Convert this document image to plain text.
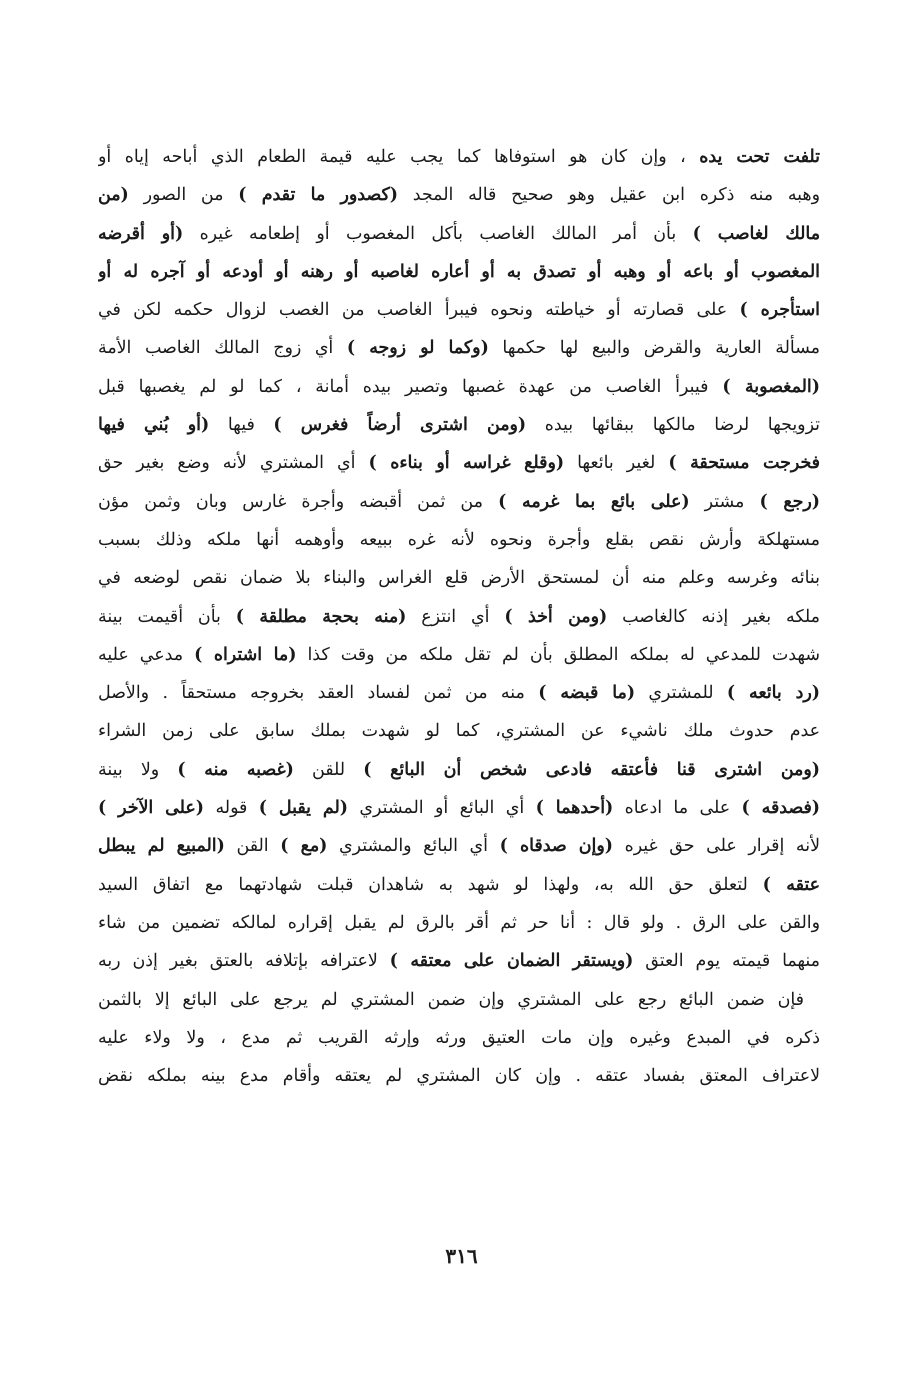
تلفت تحت يده ، وإن كان هو استوفاها كما يجب عليه قيمة الطعام الذي أباحه إياه أو
وهبه منه ذكره ابن عقيل وهو صحيح قاله المجد (كصدور ما تقدم ) من الصور (من
مالك لغاصب ) بأن أمر المالك الغاصب بأكل المغصوب أو إطعامه غيره (أو أقرضه
المغصوب أو باعه أو وهبه أو تصدق به أو أعاره لغاصبه أو رهنه أو أودعه أو آجره له أو
استأجره ) على قصارته أو خياطته ونحوه فيبرأ الغاصب من الغصب لزوال حكمه لكن في
مسألة العارية والقرض والبيع لها حكمها (وكما لو زوجه ) أي زوج المالك الغاصب الأمة
(المغصوبة ) فيبرأ الغاصب من عهدة غصبها وتصير بيده أمانة ، كما لو لم يغصبها قبل
تزويجها لرضا مالكها ببقائها بيده (ومن اشترى أرضاً فغرس ) فيها (أو بُني فيها
فخرجت مستحقة ) لغير بائعها (وقلع غراسه أو بناءه ) أي المشتري لأنه وضع بغير حق
(رجع ) مشتر (على بائع بما غرمه ) من ثمن أقبضه وأجرة غارس وبان وثمن مؤن
مستهلكة وأرش نقص بقلع وأجرة ونحوه لأنه غره ببيعه وأوهمه أنها ملكه وذلك بسبب
بنائه وغرسه وعلم منه أن لمستحق الأرض قلع الغراس والبناء بلا ضمان نقص لوضعه في
ملكه بغير إذنه كالغاصب (ومن أخذ ) أي انتزع (منه بحجة مطلقة ) بأن أقيمت بينة
شهدت للمدعي له بملكه المطلق بأن لم تقل ملكه من وقت كذا (ما اشتراه ) مدعي عليه
(رد بائعه ) للمشتري (ما قبضه ) منه من ثمن لفساد العقد بخروجه مستحقاً . والأصل
عدم حدوث ملك ناشيء عن المشتري، كما لو شهدت بملك سابق على زمن الشراء
(ومن اشترى قنا فأعتقه فادعى شخص أن البائع ) للقن (غصبه منه ) ولا بينة
(فصدقه ) على ما ادعاه (أحدهما ) أي البائع أو المشتري (لم يقبل ) قوله (على الآخر )
لأنه إقرار على حق غيره (وإن صدقاه ) أي البائع والمشتري (مع ) القن (المبيع لم يبطل
عتقه ) لتعلق حق الله به، ولهذا لو شهد به شاهدان قبلت شهادتهما مع اتفاق السيد
والقن على الرق . ولو قال : أنا حر ثم أقر بالرق لم يقبل إقراره لمالكه تضمين من شاء
منهما قيمته يوم العتق (ويستقر الضمان على معتقه ) لاعترافه بإتلافه بالعتق بغير إذن ربه
فإن ضمن البائع رجع على المشتري وإن ضمن المشتري لم يرجع على البائع إلا بالثمن
ذكره في المبدع وغيره وإن مات العتيق ورثه وإرثه القريب ثم مدع ، ولا ولاء عليه
لاعتراف المعتق بفساد عتقه . وإن كان المشتري لم يعتقه وأقام مدع بينه بملكه نقض
٣١٦
